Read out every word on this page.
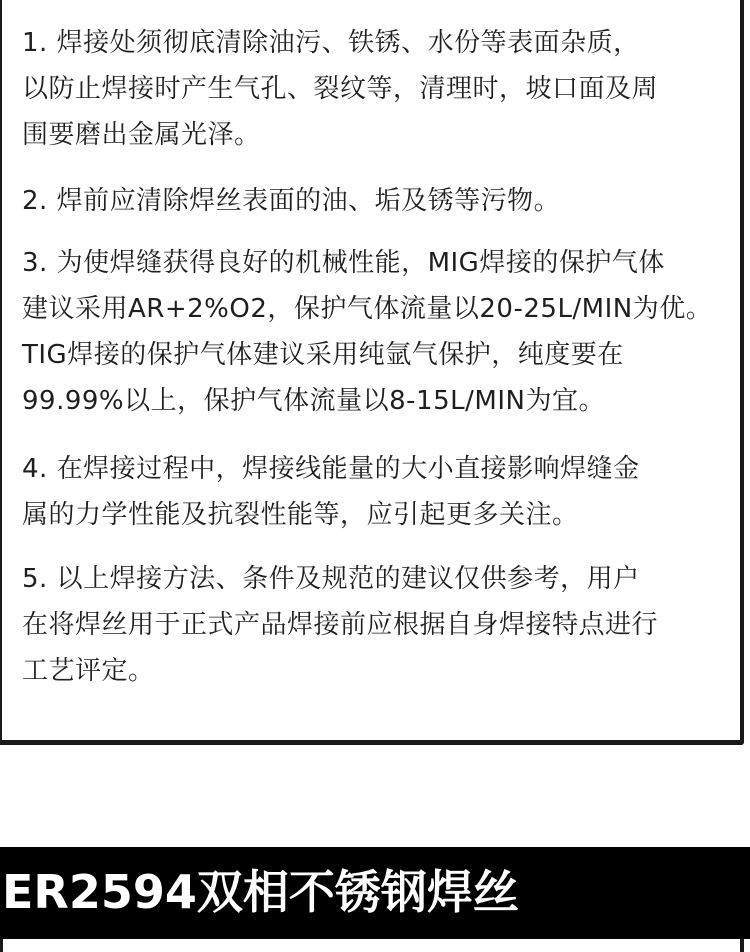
1. 焊接处须彻底清除油污、铁锈、水份等表面杂质，
以防止焊接时产生气孔、裂纹等，清理时，坡口面及周
围要磨出金属光泽。
2. 焊前应清除焊丝表面的油、垢及锈等污物。
3. 为使焊缝获得良好的机械性能，MIG焊接的保护气体
建议采用AR+2%O2，保护气体流量以20-25L/MIN为优。
TIG焊接的保护气体建议采用纯氩气保护，纯度要在
99.99%以上，保护气体流量以8-15L/MIN为宜。
4. 在焊接过程中，焊接线能量的大小直接影响焊缝金
属的力学性能及抗裂性能等，应引起更多关注。
5. 以上焊接方法、条件及规范的建议仅供参考，用户
在将焊丝用于正式产品焊接前应根据自身焊接特点进行
工艺评定。
ER2594双相不锈钢焊丝
